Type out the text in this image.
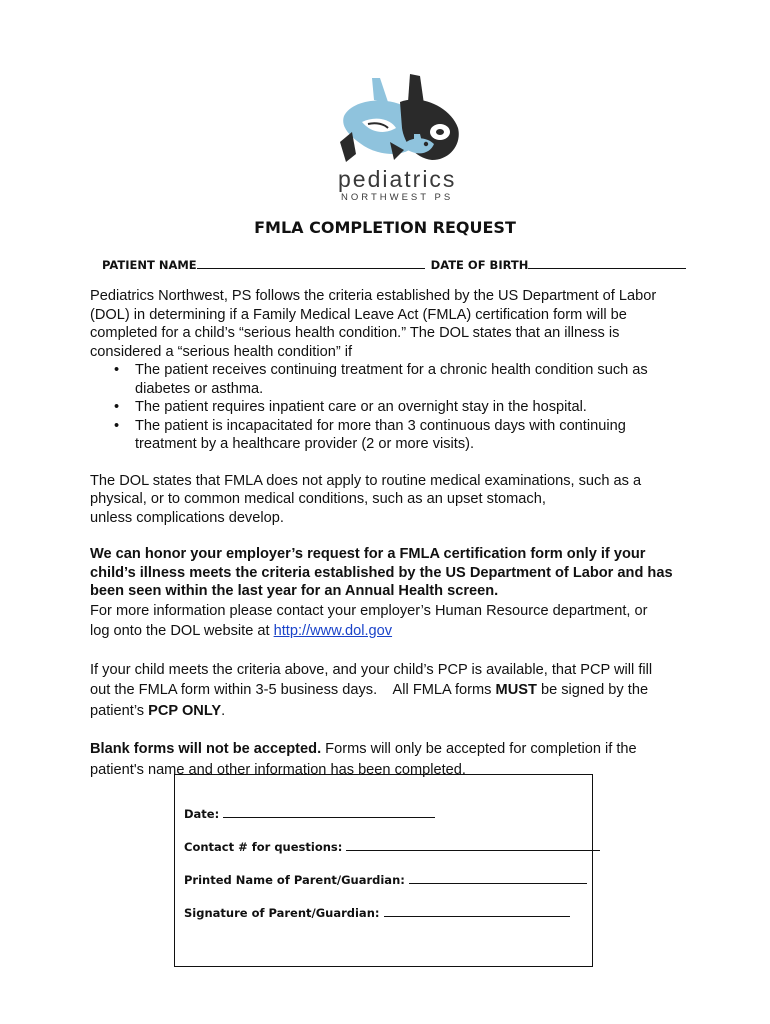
pediatrics
NORTHWEST PS
FMLA COMPLETION REQUEST
PATIENT NAME	DATE OF BIRTH

Pediatrics Northwest, PS follows the criteria established by the US Department of Labor (DOL) in determining if a Family Medical Leave Act (FMLA) certification form will be completed for a child’s “serious health condition.” The DOL states that an illness is considered a “serious health condition” if

• The patient receives continuing treatment for a chronic health condition such as diabetes or asthma.
• The patient requires inpatient care or an overnight stay in the hospital.
• The patient is incapacitated for more than 3 continuous days with continuing treatment by a healthcare provider (2 or more visits).

The DOL states that FMLA does not apply to routine medical examinations, such as a
physical, or to common medical conditions, such as an upset stomach,
unless complications develop.

We can honor your employer’s request for a FMLA certification form only if your child’s illness meets the criteria established by the US Department of Labor and has been seen within the last year for an Annual Health screen.

For more information please contact your employer’s Human Resource department, or
log onto the DOL website at http://www.dol.gov

If your child meets the criteria above, and your child’s PCP is available, that PCP will fill
out the FMLA form within 3-5 business days.    All FMLA forms MUST be signed by the
patient’s PCP ONLY.

Blank forms will not be accepted. Forms will only be accepted for completion if the patient's name and other information has been completed.

Date:
Contact # for questions:
Printed Name of Parent/Guardian:
Signature of Parent/Guardian:
